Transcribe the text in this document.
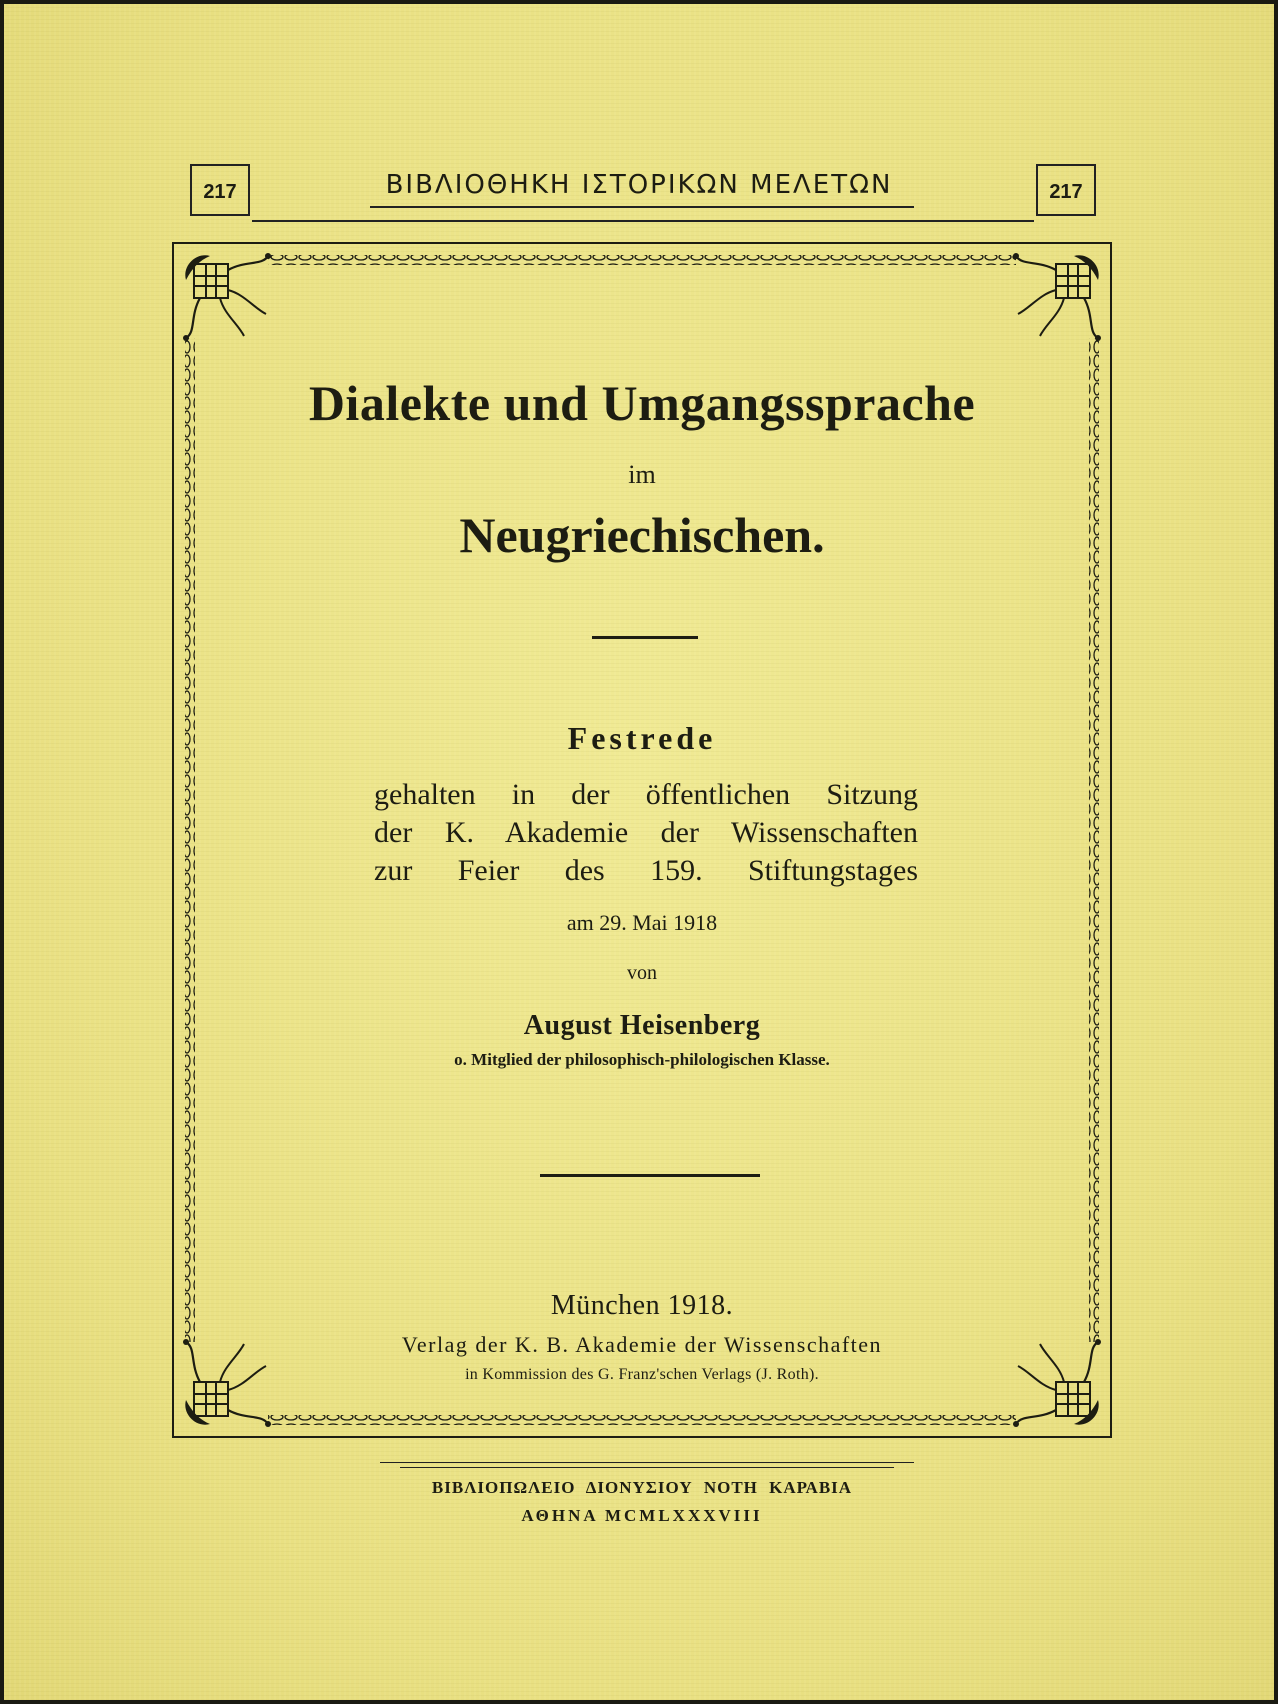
217	ΒΙΒΛΙΟΘΗΚΗ ΙΣΤΟΡΙΚΩΝ ΜΕΛΕΤΩΝ	217
Dialekte und Umgangssprache
im
Neugriechischen.
Festrede
gehalten in der öffentlichen Sitzung
der K. Akademie der Wissenschaften
zur Feier des 159. Stiftungstages
am 29. Mai 1918
von
August Heisenberg
o. Mitglied der philosophisch-philologischen Klasse.
München 1918.
Verlag der K. B. Akademie der Wissenschaften
in Kommission des G. Franz'schen Verlags (J. Roth).
ΒΙΒΛΙΟΠΩΛΕΙΟ ΔΙΟΝΥΣΙΟΥ ΝΟΤΗ ΚΑΡΑΒΙΑ
ΑΘΗΝΑ MCMLXXXVIII
